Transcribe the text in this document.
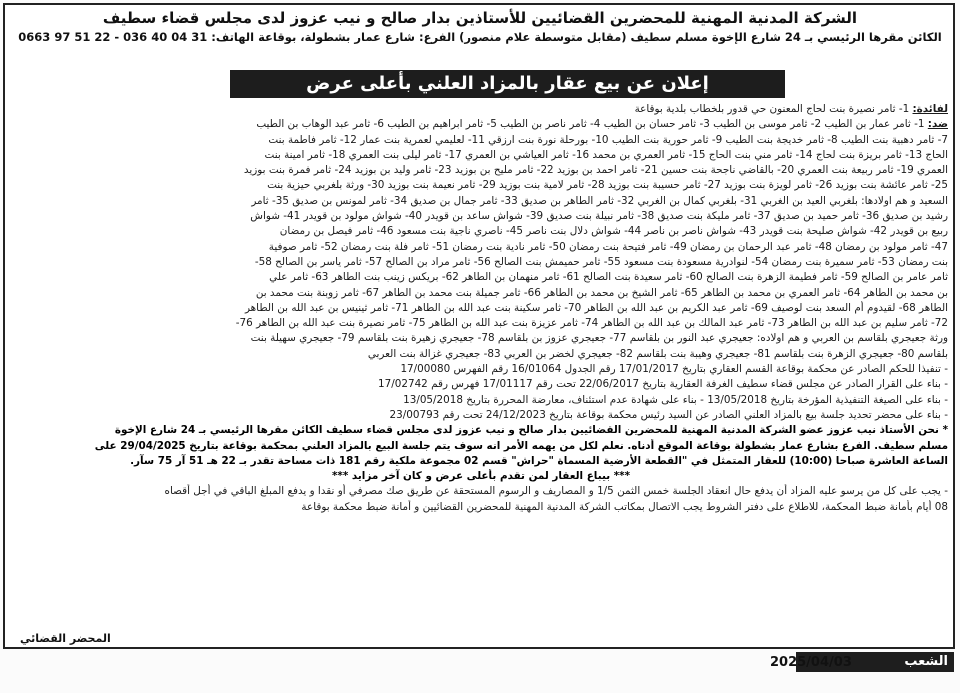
الشركة المدنية المهنية للمحضرين القضائيين للأستاذين بدار صالح و نيب عزوز لدى مجلس قضاء سطيف
الكائن مقرها الرئيسي بـ 24 شارع الإخوة مسلم سطيف (مقابل متوسطة علام منصور) الفرع: شارع عمار بشطولة، بوقاعة الهاتف: 31 04 40 036 - 22 51 97 0663
إعلان عن بيع عقار بالمزاد العلني بأعلى عرض
لفائدة: 1- ثامر نصيرة بنت لحاج المعنون حي قدور بلخطاب بلدية بوقاعة
ضد: 1- ثامر عمار بن الطيب 2- ثامر موسى بن الطيب 3- ثامر حسان بن الطيب 4- ثامر ناصر بن الطيب 5- ثامر ابراهيم بن الطيب 6- ثامر عبد الوهاب بن الطيب
7- ثامر دهبية بنت الطيب 8- ثامر خديجة بنت الطيب 9- ثامر حورية بنت الطيب 10- بورحلة نورة بنت ارزقي 11- لعليمي لعمرية بنت عمار 12- ثامر فاطمة بنت
الحاج 13- ثامر بريزة بنت لحاج 14- ثامر مني بنت الحاج 15- ثامر العمري بن محمد 16- ثامر العياشي بن العمري 17- ثامر ليلى بنت العمري 18- ثامر امينة بنت
العمري 19- ثامر ربيعة بنت العمري 20- بالقاضي ناجحة بنت حسين 21- ثامر احمد بن بوزيد 22- ثامر مليح بن بوزيد 23- ثامر وليد بن بوزيد 24- ثامر فمرة بنت بوزيد
25- ثامر عائشة بنت بوزيد 26- ثامر لويزة بنت بوزيد 27- ثامر حسيبة بنت بوزيد 28- ثامر لامية بنت بوزيد 29- ثامر نعيمة بنت بوزيد 30- ورثة بلغربي حيزية بنت
السعيد و هم اولادها: بلغربي العيد بن الغربي 31- بلغربي كمال بن الغربي 32- ثامر الطاهر بن صديق 33- ثامر جمال بن صديق 34- ثامر لمونس بن صديق 35- ثامر
رشيد بن صديق 36- ثامر حميد بن صديق 37- ثامر مليكة بنت صديق 38- ثامر نبيلة بنت صديق 39- شواش ساعد بن قويدر 40- شواش مولود بن قويدر 41- شواش
ربيع بن قويدر 42- شواش صليحة بنت قويدر 43- شواش ناصر بن ناصر 44- شواش دلال بنت ناصر 45- ناصري ناجية بنت مسعود 46- ثامر فيصل بن رمضان
47- ثامر مولود بن رمضان 48- ثامر عبد الرحمان بن رمضان 49- ثامر فتيحة بنت رمضان 50- ثامر نادية بنت رمضان 51- ثامر فلة بنت رمضان 52- ثامر صوفية
بنت رمضان 53- ثامر سميرة بنت رمضان 54- لنوادرية مسعودة بنت مسعود 55- ثامر حميمش بنت الصالح 56- ثامر مراد بن الصالح 57- ثامر ياسر بن الصالح 58-
ثامر عامر بن الصالح 59- ثامر فطيمة الزهرة بنت الصالح 60- ثامر سعيدة بنت الصالح 61- ثامر منهمان بن الطاهر 62- بريكس زينب بنت الطاهر 63- ثامر علي
بن محمد بن الطاهر 64- ثامر العمري بن محمد بن الطاهر 65- ثامر الشيخ بن محمد بن الطاهر 66- ثامر جميلة بنت محمد بن الطاهر 67- ثامر زوبنة بنت محمد بن
الطاهر 68- لقيدوم أم السعد بنت لوصيف 69- ثامر عبد الكريم بن عبد الله بن الطاهر 70- ثامر سكينة بنت عبد الله بن الطاهر 71- ثامر ثينيس بن عبد الله بن الطاهر
72- ثامر سليم بن عبد الله بن الطاهر 73- ثامر عبد المالك بن عبد الله بن الطاهر 74- ثامر عزيزة بنت عبد الله بن الطاهر 75- ثامر نصيرة بنت عبد الله بن الطاهر 76-
ورثة جعيجري بلقاسم بن العربي و هم اولاده: جعيجري عبد النور بن بلقاسم 77- جعيجري عزوز بن بلقاسم 78- جعيجري زهيرة بنت بلقاسم 79- جعيجري سهيلة بنت
بلقاسم 80- جعيجري الزهرة بنت بلقاسم 81- جعيجري وهيبة بنت بلقاسم 82- جعيجري لخضر بن العربي 83- جعيجري غزالة بنت العربي
- تنفيذا للحكم الصادر عن محكمة بوقاعة القسم العقاري بتاريخ 17/01/2017 رقم الجدول 16/01064 رقم الفهرس 17/00080
- بناء على القرار الصادر عن مجلس قضاء سطيف الغرفة العقارية بتاريخ 22/06/2017 تحت رقم 17/01117 فهرس رقم 17/02742
- بناء على الصيغة التنفيذية المؤرخة بتاريخ 13/05/2018 - بناء على شهادة عدم استئناف، معارضة المحررة بتاريخ 13/05/2018
- بناء على محضر تحديد جلسة بيع بالمزاد العلني الصادر عن السيد رئيس محكمة بوقاعة بتاريخ 24/12/2023 تحت رقم 23/00793
* نحن الأستاذ نيب عزوز عضو الشركة المدنية المهنية للمحضرين القضائيين بدار صالح و نيب عزوز لدى مجلس قضاء سطيف الكائن مقرها الرئيسي بـ 24 شارع الإخوة
مسلم سطيف. الفرع بشارع عمار بشطولة بوقاعة الموقع أدناه. نعلم لكل من يهمه الأمر انه سوف يتم جلسة البيع بالمزاد العلني بمحكمة بوقاعة بتاريخ 29/04/2025 على
الساعة العاشرة صباحا (10:00) للعقار المتمثل في "القطعة الأرضية المسماة "حراش" قسم 02 مجموعة ملكية رقم 181 ذات مساحة تقدر بـ 22 هـ 51 آر 75 سآر.
*** بيباع العقار لمن تقدم بأعلى عرض و كان آخر مزايد ***
- يجب على كل من يرسو عليه المزاد أن يدفع حال انعقاد الجلسة خمس الثمن 1/5 و المصاريف و الرسوم المستحقة عن طريق صك مصرفي أو نقدا و يدفع المبلغ الباقي في أجل أقصاه
08 أيام بأمانة ضبط المحكمة، للاطلاع على دفتر الشروط يجب الاتصال بمكاتب الشركة المدنية المهنية للمحضرين القضائيين و أمانة ضبط محكمة بوقاعة
المحضر القضائي
الشعب
2025/04/03
